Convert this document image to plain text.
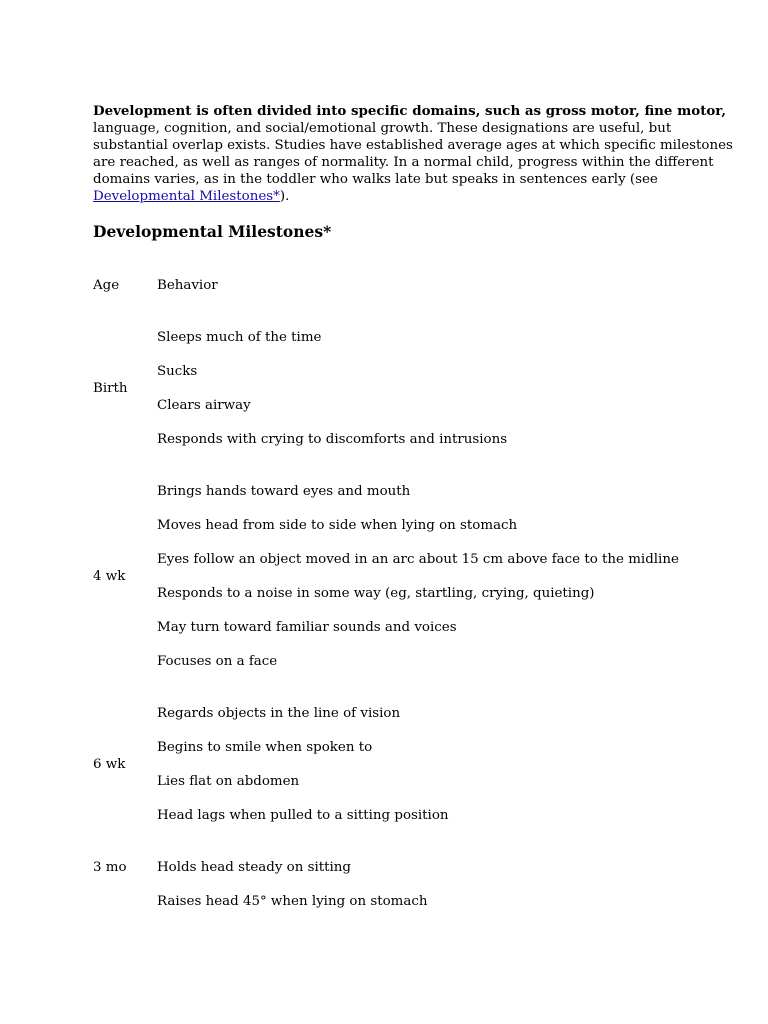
Development is often divided into specific domains, such as gross motor, fine motor,
language, cognition, and social/emotional growth. These designations are useful, but
substantial overlap exists. Studies have established average ages at which specific milestones
are reached, as well as ranges of normality. In a normal child, progress within the different
domains varies, as in the toddler who walks late but speaks in sentences early (see
Developmental Milestones*).
Developmental Milestones*
Age	Behavior
Birth
Sleeps much of the time
Sucks
Clears airway
Responds with crying to discomforts and intrusions
4 wk
Brings hands toward eyes and mouth
Moves head from side to side when lying on stomach
Eyes follow an object moved in an arc about 15 cm above face to the midline
Responds to a noise in some way (eg, startling, crying, quieting)
May turn toward familiar sounds and voices
Focuses on a face
6 wk
Regards objects in the line of vision
Begins to smile when spoken to
Lies flat on abdomen
Head lags when pulled to a sitting position
3 mo Holds head steady on sitting
Raises head 45° when lying on stomach
